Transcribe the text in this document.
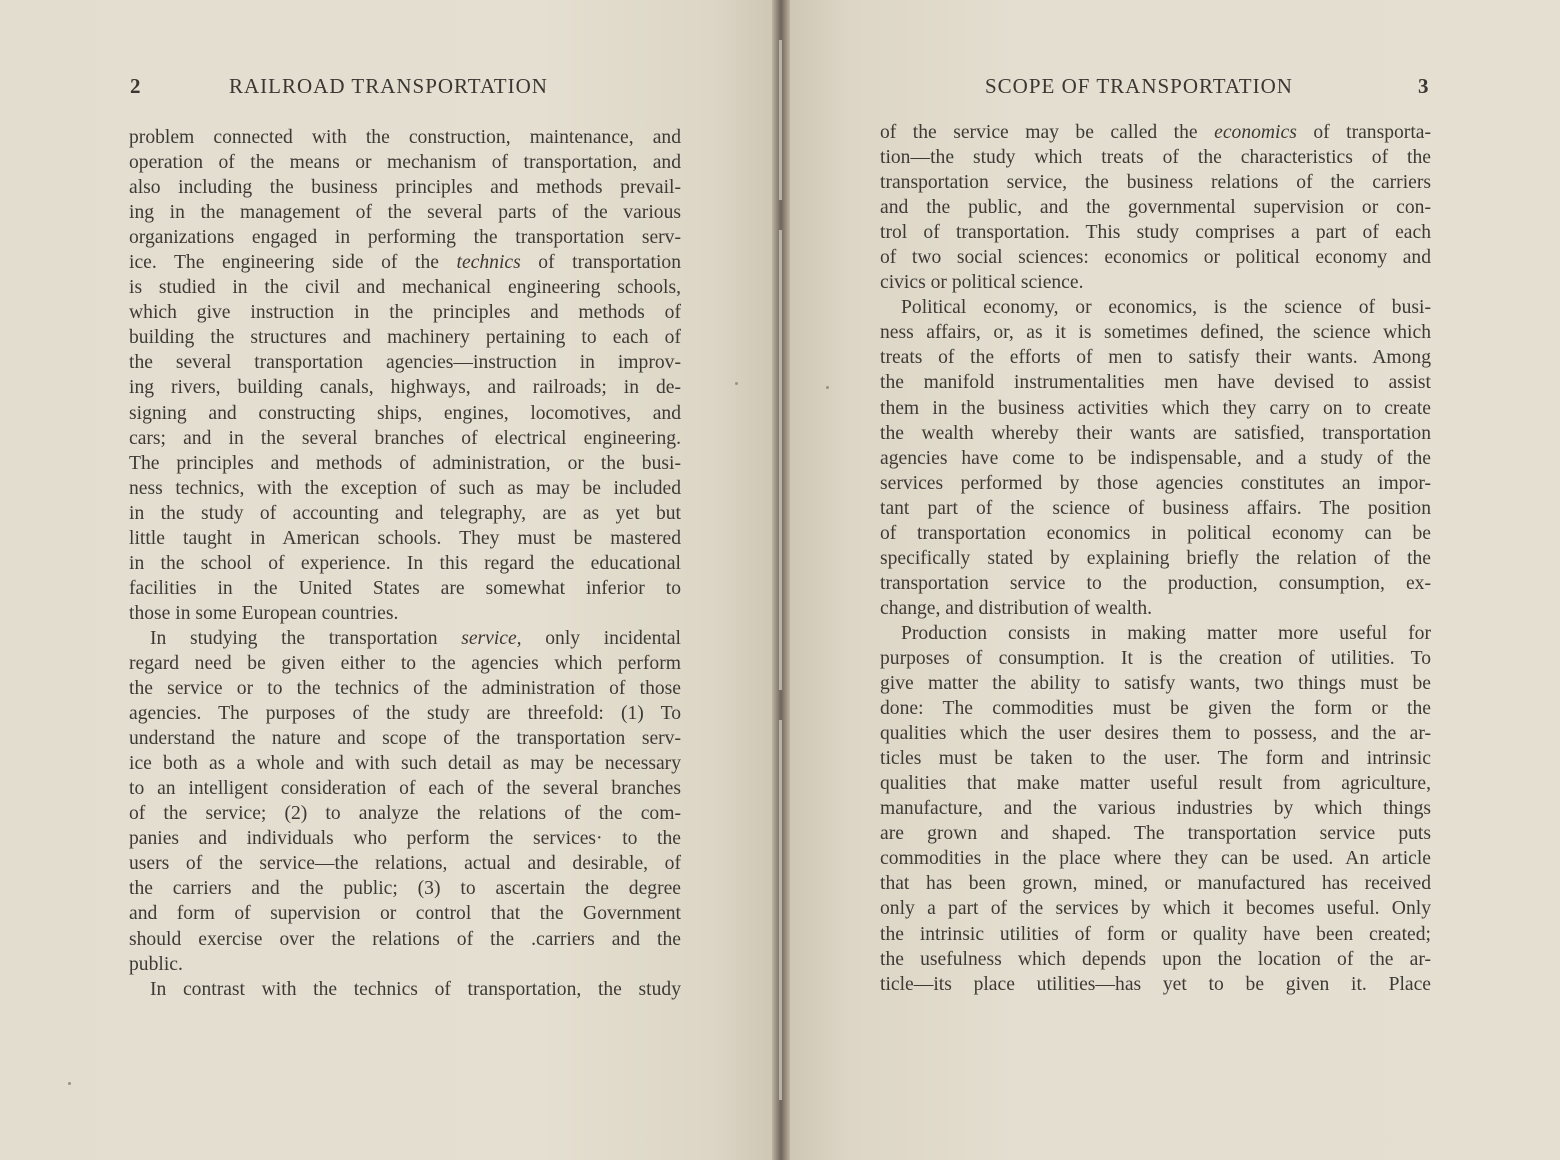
2	RAILROAD TRANSPORTATION
problem connected with the construction, maintenance, and
operation of the means or mechanism of transportation, and
also including the business principles and methods prevail-
ing in the management of the several parts of the various
organizations engaged in performing the transportation serv-
ice. The engineering side of the technics of transportation
is studied in the civil and mechanical engineering schools,
which give instruction in the principles and methods of
building the structures and machinery pertaining to each of
the several transportation agencies—instruction in improv-
ing rivers, building canals, highways, and railroads; in de-
signing and constructing ships, engines, locomotives, and
cars; and in the several branches of electrical engineering.
The principles and methods of administration, or the busi-
ness technics, with the exception of such as may be included
in the study of accounting and telegraphy, are as yet but
little taught in American schools. They must be mastered
in the school of experience. In this regard the educational
facilities in the United States are somewhat inferior to
those in some European countries.
In studying the transportation service, only incidental
regard need be given either to the agencies which perform
the service or to the technics of the administration of those
agencies. The purposes of the study are threefold: (1) To
understand the nature and scope of the transportation serv-
ice both as a whole and with such detail as may be necessary
to an intelligent consideration of each of the several branches
of the service; (2) to analyze the relations of the com-
panies and individuals who perform the services· to the
users of the service—the relations, actual and desirable, of
the carriers and the public; (3) to ascertain the degree
and form of supervision or control that the Government
should exercise over the relations of the .carriers and the
public.
In contrast with the technics of transportation, the study
SCOPE OF TRANSPORTATION	3
of the service may be called the economics of transporta-
tion—the study which treats of the characteristics of the
transportation service, the business relations of the carriers
and the public, and the governmental supervision or con-
trol of transportation. This study comprises a part of each
of two social sciences: economics or political economy and
civics or political science.
Political economy, or economics, is the science of busi-
ness affairs, or, as it is sometimes defined, the science which
treats of the efforts of men to satisfy their wants. Among
the manifold instrumentalities men have devised to assist
them in the business activities which they carry on to create
the wealth whereby their wants are satisfied, transportation
agencies have come to be indispensable, and a study of the
services performed by those agencies constitutes an impor-
tant part of the science of business affairs. The position
of transportation economics in political economy can be
specifically stated by explaining briefly the relation of the
transportation service to the production, consumption, ex-
change, and distribution of wealth.
Production consists in making matter more useful for
purposes of consumption. It is the creation of utilities. To
give matter the ability to satisfy wants, two things must be
done: The commodities must be given the form or the
qualities which the user desires them to possess, and the ar-
ticles must be taken to the user. The form and intrinsic
qualities that make matter useful result from agriculture,
manufacture, and the various industries by which things
are grown and shaped. The transportation service puts
commodities in the place where they can be used. An article
that has been grown, mined, or manufactured has received
only a part of the services by which it becomes useful. Only
the intrinsic utilities of form or quality have been created;
the usefulness which depends upon the location of the ar-
ticle—its place utilities—has yet to be given it. Place
